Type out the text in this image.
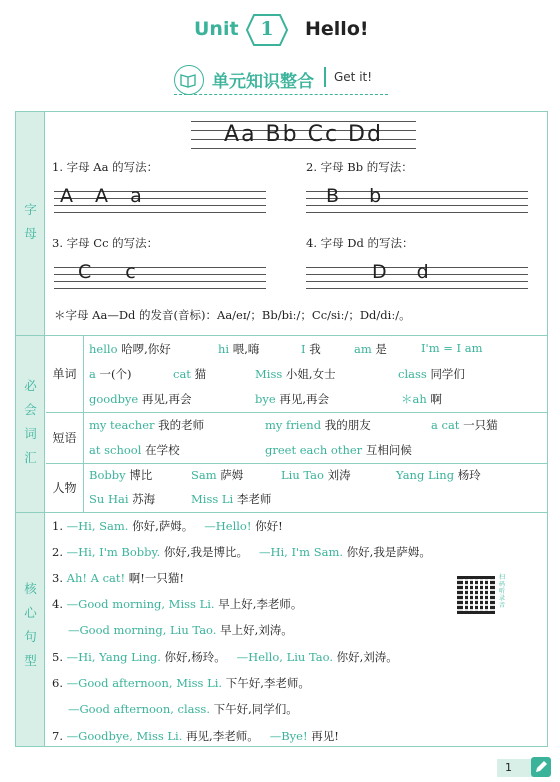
Unit	1	Hello!
单元知识整合 Get it!
字
母
Aa Bb Cc Dd
1. 字母 Aa 的写法：	2. 字母 Bb 的写法：
A A a	B b
3. 字母 Cc 的写法：	4. 字母 Dd 的写法：
C c	D d
＊字母 Aa—Dd 的发音(音标)：Aa/eɪ/；Bb/biː/；Cc/siː/；Dd/diː/。
必
会
词
汇
单词
短语
人物
hello 哈啰,你好	hi 喂,嗨	I 我	am 是	I'm = I am
a 一(个)	cat 猫	Miss 小姐,女士	class 同学们
goodbye 再见,再会	bye 再见,再会	＊ah 啊
my teacher 我的老师	my friend 我的朋友	a cat 一只猫
at school 在学校	greet each other 互相问候
Bobby 博比	Sam 萨姆	Liu Tao 刘涛	Yang Ling 杨玲
Su Hai 苏海	Miss Li 李老师
核
心
句
型
1. —Hi, Sam. 你好,萨姆。 —Hello! 你好!
2. —Hi, I'm Bobby. 你好,我是博比。 —Hi, I'm Sam. 你好,我是萨姆。
3. Ah! A cat! 啊!一只猫!
4. —Good morning, Miss Li. 早上好,李老师。
—Good morning, Liu Tao. 早上好,刘涛。
5. —Hi, Yang Ling. 你好,杨玲。 —Hello, Liu Tao. 你好,刘涛。
6. —Good afternoon, Miss Li. 下午好,李老师。
—Good afternoon, class. 下午好,同学们。
7. —Goodbye, Miss Li. 再见,李老师。 —Bye! 再见!
扫码听录音
1
